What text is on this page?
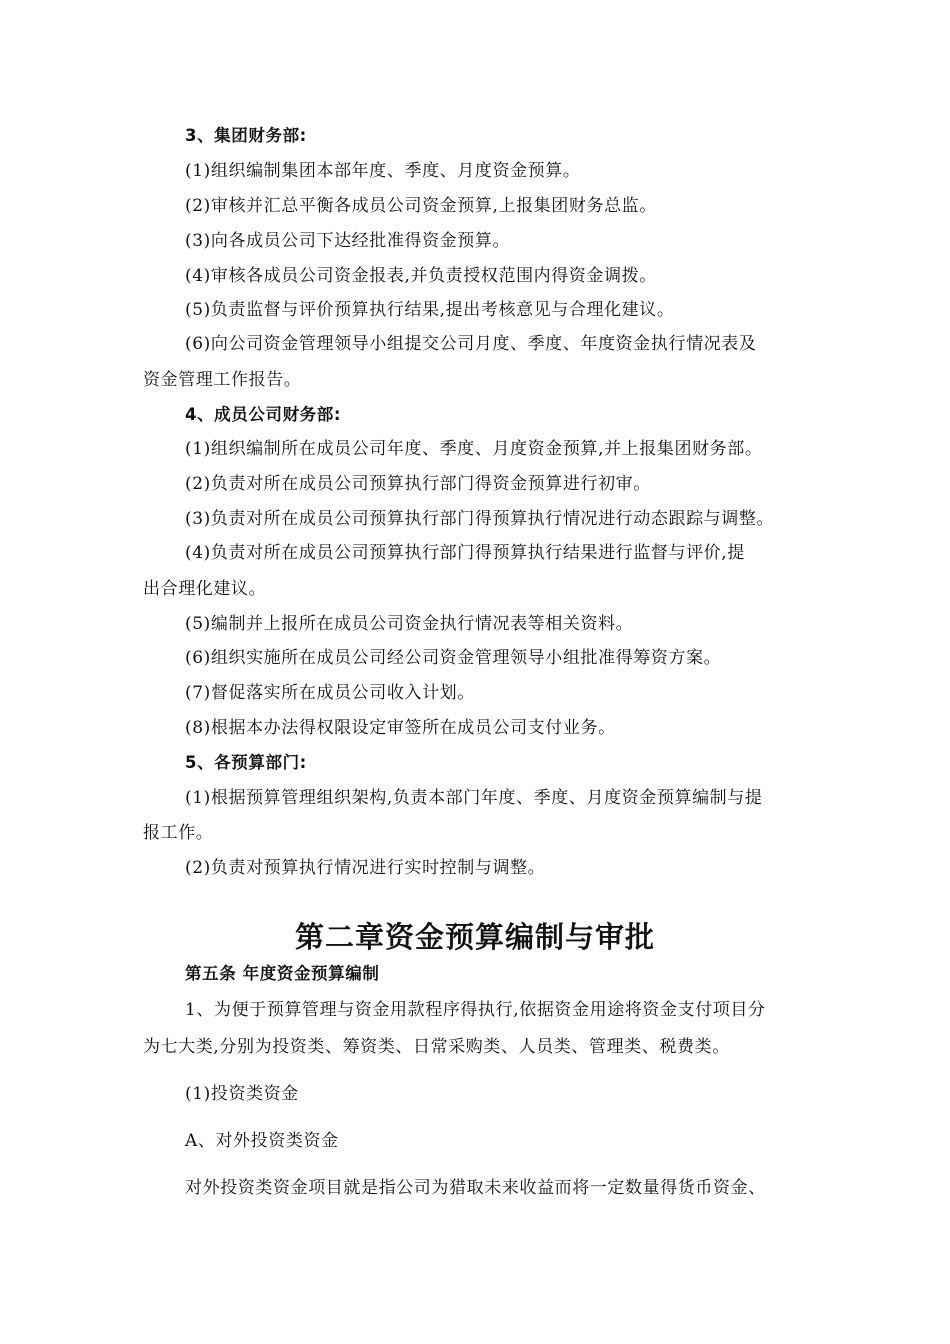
3、集团财务部:
(1)组织编制集团本部年度、季度、月度资金预算。
(2)审核并汇总平衡各成员公司资金预算,上报集团财务总监。
(3)向各成员公司下达经批准得资金预算。
(4)审核各成员公司资金报表,并负责授权范围内得资金调拨。
(5)负责监督与评价预算执行结果,提出考核意见与合理化建议。
(6)向公司资金管理领导小组提交公司月度、季度、年度资金执行情况表及
资金管理工作报告。
4、成员公司财务部:
(1)组织编制所在成员公司年度、季度、月度资金预算,并上报集团财务部。
(2)负责对所在成员公司预算执行部门得资金预算进行初审。
(3)负责对所在成员公司预算执行部门得预算执行情况进行动态跟踪与调整。
(4)负责对所在成员公司预算执行部门得预算执行结果进行监督与评价,提
出合理化建议。
(5)编制并上报所在成员公司资金执行情况表等相关资料。
(6)组织实施所在成员公司经公司资金管理领导小组批准得筹资方案。
(7)督促落实所在成员公司收入计划。
(8)根据本办法得权限设定审签所在成员公司支付业务。
5、各预算部门:
(1)根据预算管理组织架构,负责本部门年度、季度、月度资金预算编制与提
报工作。
(2)负责对预算执行情况进行实时控制与调整。
第二章资金预算编制与审批
第五条 年度资金预算编制
1、为便于预算管理与资金用款程序得执行,依据资金用途将资金支付项目分
为七大类,分别为投资类、筹资类、日常采购类、人员类、管理类、税费类。
(1)投资类资金
A、对外投资类资金
对外投资类资金项目就是指公司为猎取未来收益而将一定数量得货币资金、
